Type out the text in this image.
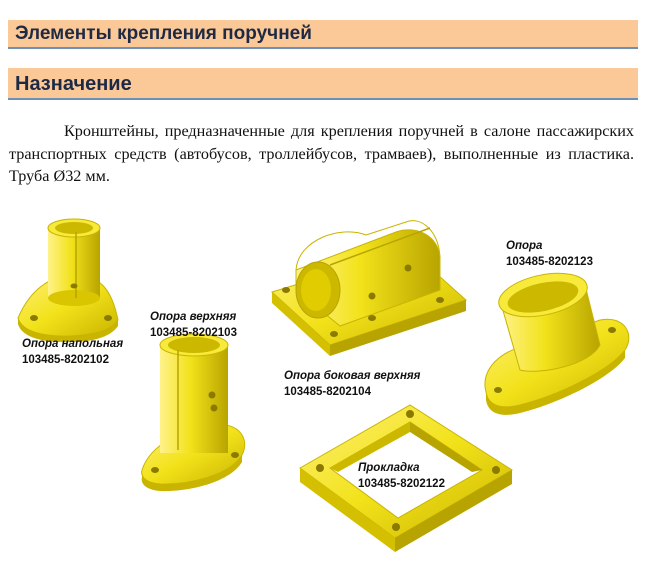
Элементы крепления поручней
Назначение

Кронштейны, предназначенные для крепления поручней в салоне пассажирских транспортных средств (автобусов, троллейбусов, трамваев), выполненные из пластика. Труба Ø32 мм.

Опора напольная
103485-8202102
Опора верхняя
103485-8202103
Опора боковая верхняя
103485-8202104
Опора
103485-8202123
Прокладка
103485-8202122
